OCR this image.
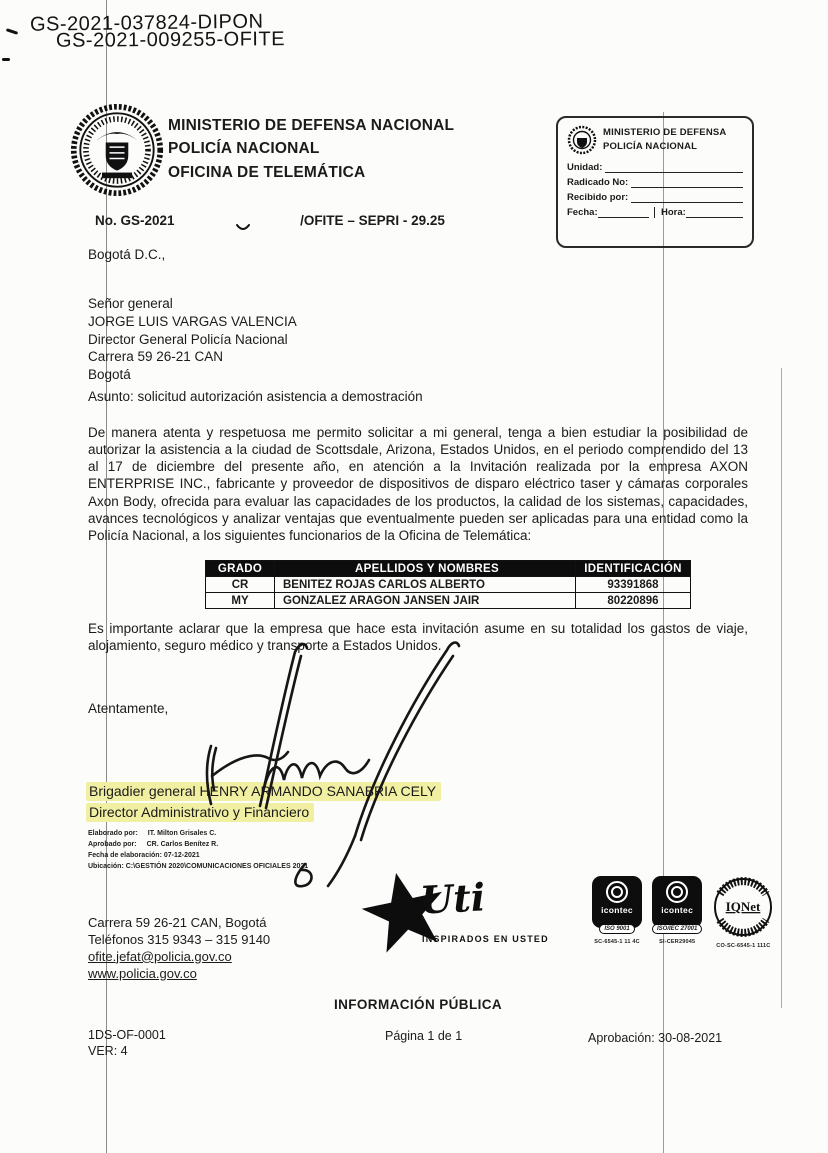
GS-2021-037824-DIPON
GS-2021-009255-OFITE
MINISTERIO DE DEFENSA NACIONAL
POLICÍA NACIONAL
OFICINA DE TELEMÁTICA
MINISTERIO DE DEFENSA
POLICÍA NACIONAL
Unidad:
Radicado No:
Recibido por:
Fecha:	Hora:
No. GS-2021	/OFITE – SEPRI - 29.25
Bogotá D.C.,
Señor general
JORGE LUIS VARGAS VALENCIA
Director General Policía Nacional
Carrera 59 26-21 CAN
Bogotá
Asunto: solicitud autorización asistencia a demostración
De manera atenta y respetuosa me permito solicitar a mi general, tenga a bien estudiar la posibilidad de autorizar la asistencia a la ciudad de Scottsdale, Arizona, Estados Unidos, en el periodo comprendido del 13 al 17 de diciembre del presente año, en atención a la Invitación realizada por la empresa AXON ENTERPRISE INC., fabricante y proveedor de dispositivos de disparo eléctrico taser y cámaras corporales Axon Body, ofrecida para evaluar las capacidades de los productos, la calidad de los sistemas, capacidades, avances tecnológicos y analizar ventajas que eventualmente pueden ser aplicadas para una entidad como la Policía Nacional, a los siguientes funcionarios de la Oficina de Telemática:
GRADO	APELLIDOS Y NOMBRES	IDENTIFICACIÓN
CR	BENITEZ ROJAS CARLOS ALBERTO	93391868
MY	GONZALEZ ARAGON JANSEN JAIR	80220896
Es importante aclarar que la empresa que hace esta invitación asume en su totalidad los gastos de viaje, alojamiento, seguro médico y transporte a Estados Unidos.
Atentamente,
Brigadier general HENRY ARMANDO SANABRIA CELY
Director Administrativo y Financiero
Elaborado por: IT. Milton Grisales C.
Aprobado por: CR. Carlos Benítez R.
Fecha de elaboración: 07-12-2021
Ubicación: C:\GESTIÓN 2020\COMUNICACIONES OFICIALES 2021
Carrera 59 26-21 CAN, Bogotá
Teléfonos 315 9343 – 315 9140
ofite.jefat@policia.gov.co
www.policia.gov.co
Uti
INSPIRADOS EN USTED
icontec
ISO 9001
SC-6545-1 11 4C
icontec
ISO/IEC 27001
SI-CER29045
IQNet
CO-SC-6545-1 111C
INFORMACIÓN PÚBLICA
1DS-OF-0001
VER: 4
Página 1 de 1	Aprobación: 30-08-2021
